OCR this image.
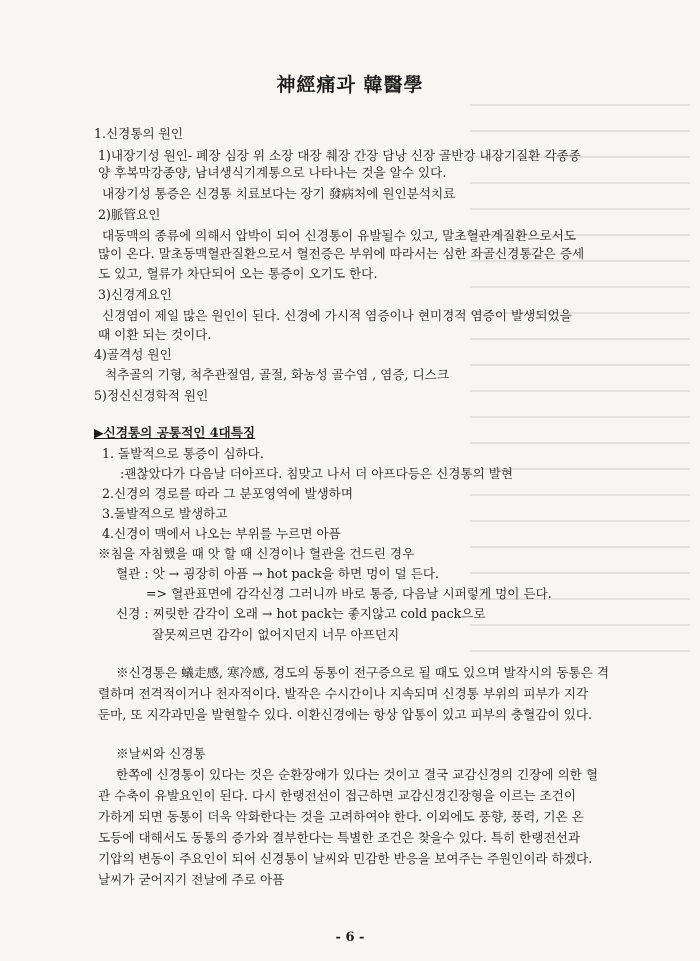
神經痛과 韓醫學
1.신경통의 원인
1)내장기성 원인- 폐장 심장 위 소장 대장 췌장 간장 담낭 신장 골반강 내장기질환 각종종
양 후복막강종양, 남녀생식기계통으로 나타나는 것을 알수 있다.
내장기성 통증은 신경통 치료보다는 장기 發病처에 원인분석치료
2)脈管요인
대동맥의 종류에 의해서 압박이 되어 신경통이 유발될수 있고, 말초혈관계질환으로서도
많이 온다. 말초동맥혈관질환으로서 혈전증은 부위에 따라서는 심한 좌골신경통같은 증세
도 있고, 혈류가 차단되어 오는 통증이 오기도 한다.
3)신경계요인
신경염이 제일 많은 원인이 된다. 신경에 가시적 염증이나 현미경적 염증이 발생되었을
때 이환 되는 것이다.
4)골격성 원인
척추골의 기형, 척추관절염, 골절, 화농성 골수염 , 염증, 디스크
5)정신신경학적 원인
▶신경통의 공통적인 4대특징
1. 돌발적으로 통증이 심하다.
:괜찮았다가 다음날 더아프다. 침맞고 나서 더 아프다등은 신경통의 발현
2.신경의 경로를 따라 그 분포영역에 발생하며
3.돌발적으로 발생하고
4.신경이 맥에서 나오는 부위를 누르면 아픔
※침을 자침했을 때 앗 할 때 신경이나 혈관을 건드린 경우
혈관 : 앗 → 굉장히 아픔 → hot pack을 하면 멍이 덜 든다.
=> 혈관표면에 감각신경 그러니까 바로 통증, 다음날 시퍼렇게 멍이 든다.
신경 : 찌릿한 감각이 오래 → hot pack는 좋지않고 cold pack으로
잘못찌르면 감각이 없어지던지 너무 아프던지
※신경통은 蟻走感, 寒冷感, 경도의 동통이 전구증으로 될 때도 있으며 발작시의 동통은 격
렬하며 전격적이거나 천자적이다. 발작은 수시간이나 지속되며 신경통 부위의 피부가 지각
둔마, 또 지각과민을 발현할수 있다. 이환신경에는 항상 압통이 있고 피부의 충혈감이 있다.
※날씨와 신경통
한쪽에 신경통이 있다는 것은 순환장애가 있다는 것이고 결국 교감신경의 긴장에 의한 혈
관 수축이 유발요인이 된다. 다시 한랭전선이 접근하면 교감신경긴장형을 이르는 조건이
가하게 되면 동통이 더욱 악화한다는 것을 고려하여야 한다. 이외에도 풍향, 풍력, 기온 온
도등에 대해서도 동통의 증가와 결부한다는 특별한 조건은 찾을수 있다. 특히 한랭전선과
기압의 변동이 주요인이 되어 신경통이 날씨와 민감한 반응을 보여주는 주원인이라 하겠다.
날씨가 굳어지기 전날에 주로 아픔
- 6 -
